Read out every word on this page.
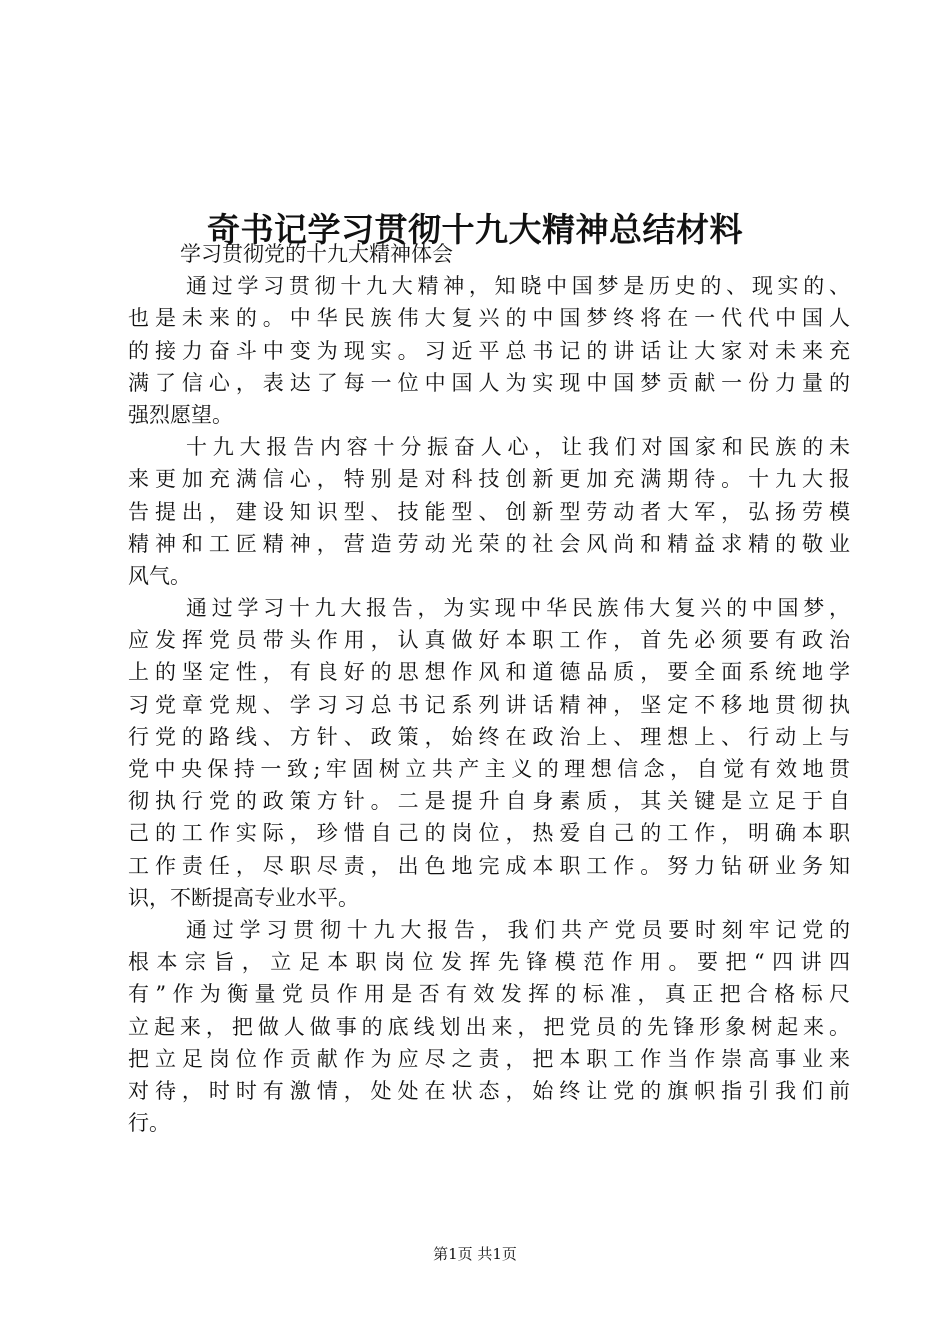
奇书记学习贯彻十九大精神总结材料

学习贯彻党的十九大精神体会

通过学习贯彻十九大精神，知晓中国梦是历史的、现实的、
也是未来的。中华民族伟大复兴的中国梦终将在一代代中国人
的接力奋斗中变为现实。习近平总书记的讲话让大家对未来充
满了信心，表达了每一位中国人为实现中国梦贡献一份力量的
强烈愿望。
十九大报告内容十分振奋人心，让我们对国家和民族的未
来更加充满信心，特别是对科技创新更加充满期待。十九大报
告提出，建设知识型、技能型、创新型劳动者大军，弘扬劳模
精神和工匠精神，营造劳动光荣的社会风尚和精益求精的敬业
风气。
通过学习十九大报告，为实现中华民族伟大复兴的中国梦，
应发挥党员带头作用，认真做好本职工作，首先必须要有政治
上的坚定性，有良好的思想作风和道德品质，要全面系统地学
习党章党规、学习习总书记系列讲话精神，坚定不移地贯彻执
行党的路线、方针、政策，始终在政治上、理想上、行动上与
党中央保持一致;牢固树立共产主义的理想信念，自觉有效地贯
彻执行党的政策方针。二是提升自身素质，其关键是立足于自
己的工作实际，珍惜自己的岗位，热爱自己的工作，明确本职
工作责任，尽职尽责，出色地完成本职工作。努力钻研业务知
识，不断提高专业水平。
通过学习贯彻十九大报告，我们共产党员要时刻牢记党的
根本宗旨，立足本职岗位发挥先锋模范作用。要把“四讲四
有”作为衡量党员作用是否有效发挥的标准，真正把合格标尺
立起来，把做人做事的底线划出来，把党员的先锋形象树起来。
把立足岗位作贡献作为应尽之责，把本职工作当作崇高事业来
对待，时时有激情，处处在状态，始终让党的旗帜指引我们前
行。
第1页 共1页
